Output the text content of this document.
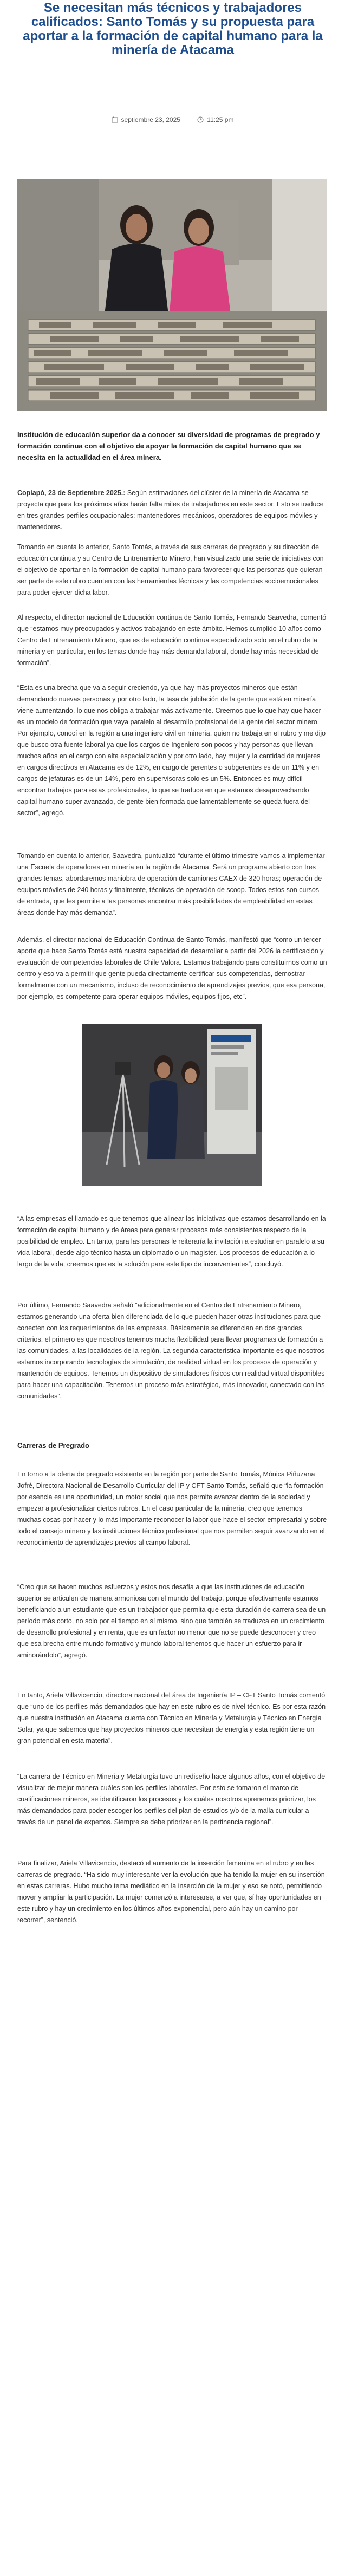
Se necesitan más técnicos y trabajadores calificados: Santo Tomás y su propuesta para aportar a la formación de capital humano para la minería de Atacama
septiembre 23, 2025
	11:25 pm

Institución de educación superior da a conocer su diversidad de programas de pregrado y formación continua con el objetivo de apoyar la formación de capital humano que se necesita en la actualidad en el área minera.

Copiapó, 23 de Septiembre 2025.: Según estimaciones del clúster de la minería de Atacama se proyecta que para los próximos años harán falta miles de trabajadores en este sector. Esto se traduce en tres grandes perfiles ocupacionales: mantenedores mecánicos, operadores de equipos móviles y mantenedores.

Tomando en cuenta lo anterior, Santo Tomás, a través de sus carreras de pregrado y su dirección de educación continua y su Centro de Entrenamiento Minero, han visualizado una serie de iniciativas con el objetivo de aportar en la formación de capital humano para favorecer que las personas que quieran ser parte de este rubro cuenten con las herramientas técnicas y las competencias socioemocionales para poder ejercer dicha labor.

Al respecto, el director nacional de Educación continua de Santo Tomás, Fernando Saavedra, comentó que “estamos muy preocupados y activos trabajando en este ámbito. Hemos cumplido 10 años como Centro de Entrenamiento Minero, que es de educación continua especializado solo en el rubro de la minería y en particular, en los temas donde hay más demanda laboral, donde hay más necesidad de formación”.

“Esta es una brecha que va a seguir creciendo, ya que hay más proyectos mineros que están demandando nuevas personas y por otro lado, la tasa de jubilación de la gente que está en minería viene aumentando, lo que nos obliga a trabajar más activamente. Creemos que lo que hay que hacer es un modelo de formación que vaya paralelo al desarrollo profesional de la gente del sector minero. Por ejemplo, conocí en la región a una ingeniero civil en minería, quien no trabaja en el rubro y me dijo que busco otra fuente laboral ya que los cargos de Ingeniero son pocos y hay personas que llevan muchos años en el cargo con alta especialización y por otro lado, hay mujer y la cantidad de mujeres en cargos directivos en Atacama es de 12%, en cargo de gerentes o subgerentes es de un 11% y en cargos de jefaturas es de un 14%, pero en supervisoras solo es un 5%. Entonces es muy difícil encontrar trabajos para estas profesionales, lo que se traduce en que estamos desaprovechando capital humano super avanzado, de gente bien formada que lamentablemente se queda fuera del sector”, agregó.

Tomando en cuenta lo anterior, Saavedra, puntualizó “durante el último trimestre vamos a implementar una Escuela de operadores en minería en la región de Atacama. Será un programa abierto con tres grandes temas, abordaremos maniobra de operación de camiones CAEX de 320 horas; operación de equipos móviles de 240 horas y finalmente, técnicas de operación de scoop. Todos estos son cursos de entrada, que les permite a las personas encontrar más posibilidades de empleabilidad en estas áreas donde hay más demanda”.

Además, el director nacional de Educación Continua de Santo Tomás, manifestó que “como un tercer aporte que hace Santo Tomás está nuestra capacidad de desarrollar a partir del 2026 la certificación y evaluación de competencias laborales de Chile Valora. Estamos trabajando para constituirnos como un centro y eso va a permitir que gente pueda directamente certificar sus competencias, demostrar formalmente con un mecanismo, incluso de reconocimiento de aprendizajes previos, que esa persona, por ejemplo, es competente para operar equipos móviles, equipos fijos, etc”.

“A las empresas el llamado es que tenemos que alinear las iniciativas que estamos desarrollando en la formación de capital humano y de áreas para generar procesos más consistentes respecto de la posibilidad de empleo. En tanto, para las personas le reiteraría la invitación a estudiar en paralelo a su vida laboral, desde algo técnico hasta un diplomado o un magister. Los procesos de educación a lo largo de la vida, creemos que es la solución para este tipo de inconvenientes”, concluyó.

Por último, Fernando Saavedra señaló “adicionalmente en el Centro de Entrenamiento Minero, estamos generando una oferta bien diferenciada de lo que pueden hacer otras instituciones para que conecten con los requerimientos de las empresas. Básicamente se diferencian en dos grandes criterios, el primero es que nosotros tenemos mucha flexibilidad para llevar programas de formación a las comunidades, a las localidades de la región. La segunda característica importante es que nosotros estamos incorporando tecnologías de simulación, de realidad virtual en los procesos de operación y mantención de equipos. Tenemos un dispositivo de simuladores físicos con realidad virtual disponibles para hacer una capacitación. Tenemos un proceso más estratégico, más innovador, conectado con las comunidades”.

Carreras de Pregrado

En torno a la oferta de pregrado existente en la región por parte de Santo Tomás, Mónica Piñuzana Jofré, Directora Nacional de Desarrollo Curricular del IP y CFT Santo Tomás, señaló que “la formación por esencia es una oportunidad, un motor social que nos permite avanzar dentro de la sociedad y empezar a profesionalizar ciertos rubros. En el caso particular de la minería, creo que tenemos muchas cosas por hacer y lo más importante reconocer la labor que hace el sector empresarial y sobre todo el consejo minero y las instituciones técnico profesional que nos permiten seguir avanzando en el reconocimiento de aprendizajes previos al campo laboral.

“Creo que se hacen muchos esfuerzos y estos nos desafía a que las instituciones de educación superior se articulen de manera armoniosa con el mundo del trabajo, porque efectivamente estamos beneficiando a un estudiante que es un trabajador que permita que esta duración de carrera sea de un período más corto, no solo por el tiempo en sí mismo, sino que también se traduzca en un crecimiento de desarrollo profesional y en renta, que es un factor no menor que no se puede desconocer y creo que esa brecha entre mundo formativo y mundo laboral tenemos que hacer un esfuerzo para ir aminorándolo”, agregó.

En tanto, Ariela Villavicencio, directora nacional del área de Ingeniería IP – CFT Santo Tomás comentó que “uno de los perfiles más demandados que hay en este rubro es de nivel técnico. Es por esta razón que nuestra institución en Atacama cuenta con Técnico en Minería y Metalurgia y Técnico en Energía Solar, ya que sabemos que hay proyectos mineros que necesitan de energía y esta región tiene un gran potencial en esta materia”.

“La carrera de Técnico en Minería y Metalurgia tuvo un rediseño hace algunos años, con el objetivo de visualizar de mejor manera cuáles son los perfiles laborales. Por esto se tomaron el marco de cualificaciones mineros, se identificaron los procesos y los cuáles nosotros aprenemos priorizar, los más demandados para poder escoger los perfiles del plan de estudios y/o de la malla curricular a través de un panel de expertos. Siempre se debe priorizar en la pertinencia regional”.

Para finalizar, Ariela Villavicencio, destacó el aumento de la inserción femenina en el rubro y en las carreras de pregrado. “Ha sido muy interesante ver la evolución que ha tenido la mujer en su inserción en estas carreras. Hubo mucho tema mediático en la inserción de la mujer y eso se notó, permitiendo mover y ampliar la participación. La mujer comenzó a interesarse, a ver que, sí hay oportunidades en este rubro y hay un crecimiento en los últimos años exponencial, pero aún hay un camino por recorrer”, sentenció.
